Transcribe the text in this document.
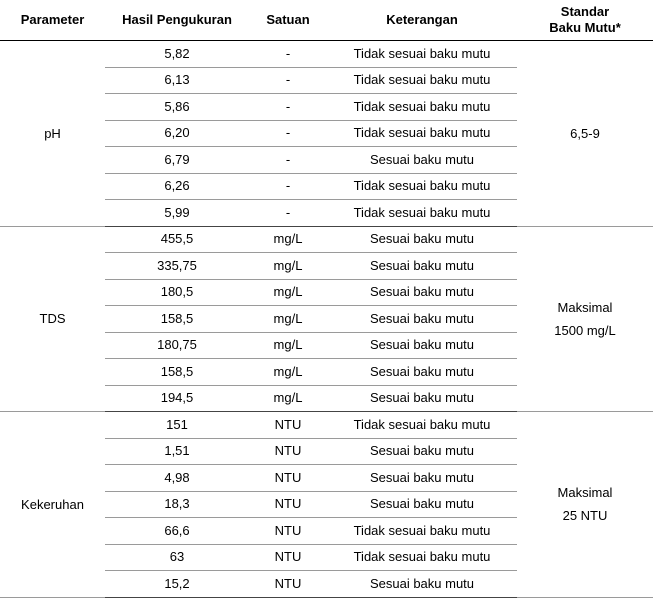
Parameter	Hasil Pengukuran	Satuan	Keterangan	Standar
Baku Mutu*
pH	5,82	-	Tidak sesuai baku mutu	6,5-9
	6,13	-	Tidak sesuai baku mutu	
	5,86	-	Tidak sesuai baku mutu	
	6,20	-	Tidak sesuai baku mutu	
	6,79	-	Sesuai baku mutu	
	6,26	-	Tidak sesuai baku mutu	
	5,99	-	Tidak sesuai baku mutu	
TDS	455,5	mg/L	Sesuai baku mutu	Maksimal
1500 mg/L
	335,75	mg/L	Sesuai baku mutu	
	180,5	mg/L	Sesuai baku mutu	
	158,5	mg/L	Sesuai baku mutu	
	180,75	mg/L	Sesuai baku mutu	
	158,5	mg/L	Sesuai baku mutu	
	194,5	mg/L	Sesuai baku mutu	
Kekeruhan	151	NTU	Tidak sesuai baku mutu	Maksimal
25 NTU
	1,51	NTU	Sesuai baku mutu	
	4,98	NTU	Sesuai baku mutu	
	18,3	NTU	Sesuai baku mutu	
	66,6	NTU	Tidak sesuai baku mutu	
	63	NTU	Tidak sesuai baku mutu	
	15,2	NTU	Sesuai baku mutu	
